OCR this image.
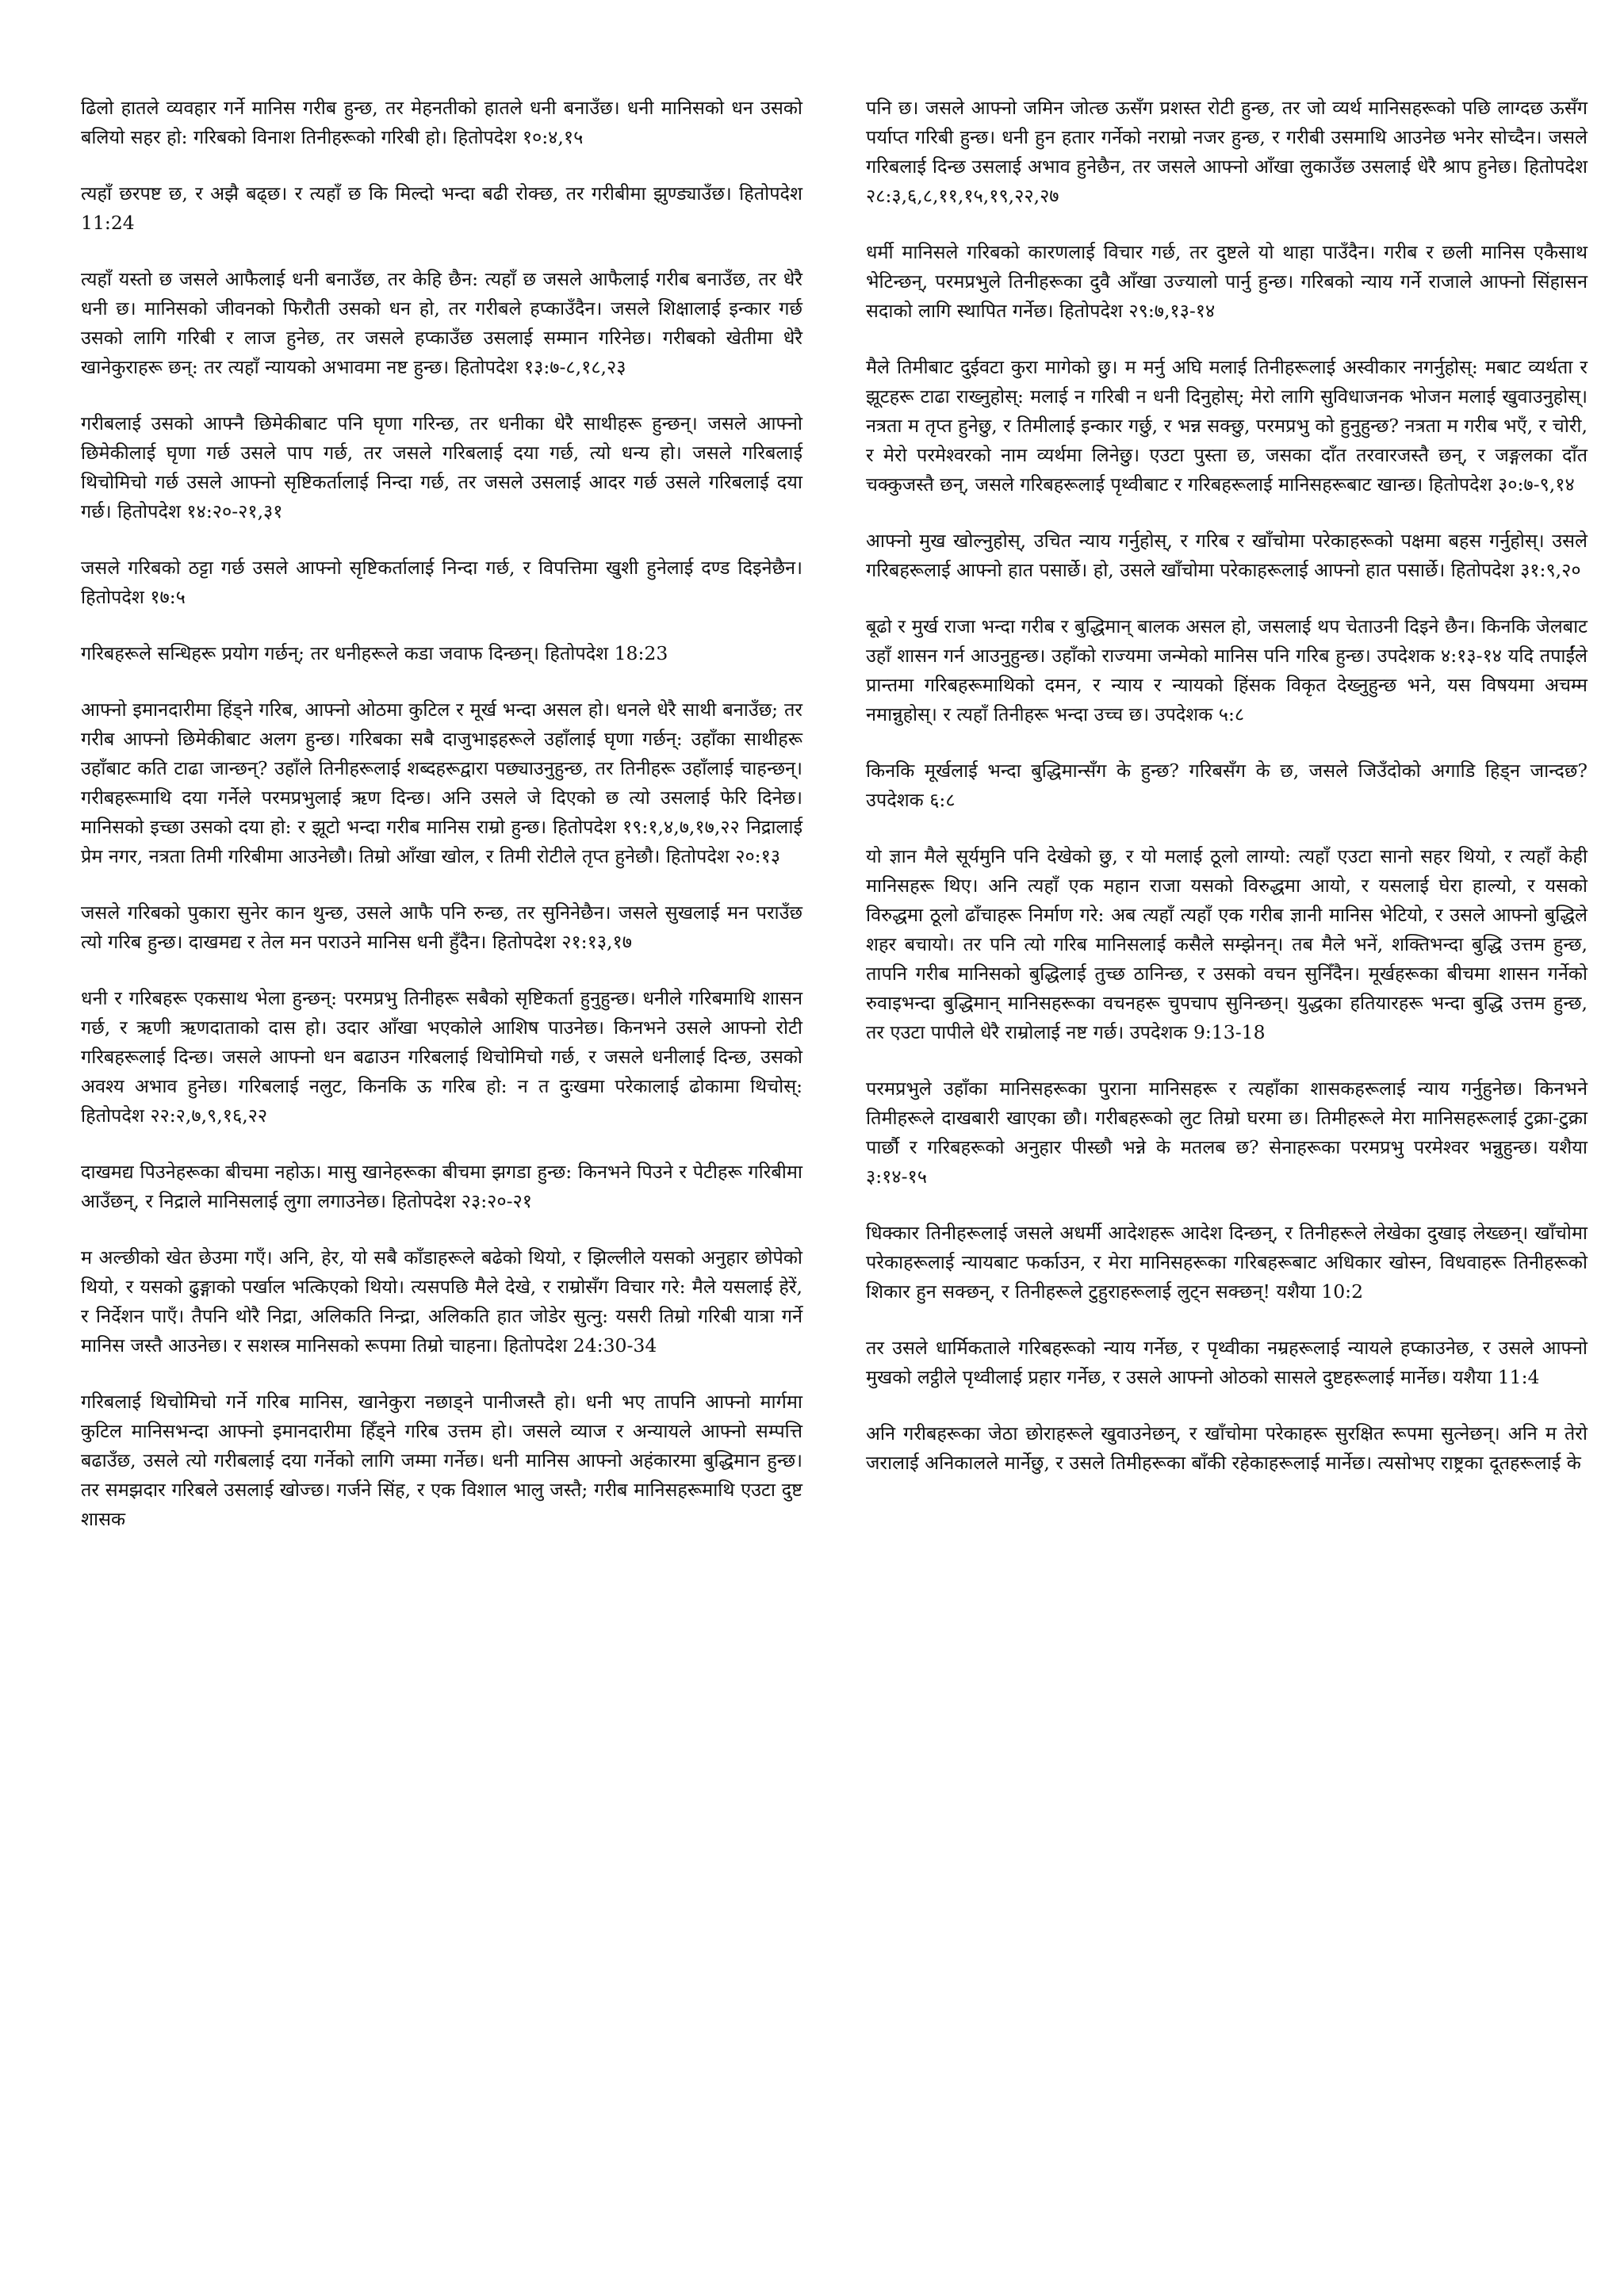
ढिलो हातले व्यवहार गर्ने मानिस गरीब हुन्छ, तर मेहनतीको हातले धनी बनाउँछ। धनी मानिसको धन उसको बलियो सहर हो: गरिबको विनाश तिनीहरूको गरिबी हो। हितोपदेश १०:४,१५

त्यहाँ छरपष्ट छ, र अझै बढ्छ। र त्यहाँ छ कि मिल्दो भन्दा बढी रोक्छ, तर गरीबीमा झुण्ड्याउँछ। हितोपदेश 11:24

त्यहाँ यस्तो छ जसले आफैलाई धनी बनाउँछ, तर केहि छैन: त्यहाँ छ जसले आफैलाई गरीब बनाउँछ, तर धेरै धनी छ। मानिसको जीवनको फिरौती उसको धन हो, तर गरीबले हप्काउँदैन। जसले शिक्षालाई इन्कार गर्छ उसको लागि गरिबी र लाज हुनेछ, तर जसले हप्काउँछ उसलाई सम्मान गरिनेछ। गरीबको खेतीमा धेरै खानेकुराहरू छन्: तर त्यहाँ न्यायको अभावमा नष्ट हुन्छ। हितोपदेश १३:७-८,१८,२३

गरीबलाई उसको आफ्नै छिमेकीबाट पनि घृणा गरिन्छ, तर धनीका धेरै साथीहरू हुन्छन्। जसले आफ्नो छिमेकीलाई घृणा गर्छ उसले पाप गर्छ, तर जसले गरिबलाई दया गर्छ, त्यो धन्य हो। जसले गरिबलाई थिचोमिचो गर्छ उसले आफ्नो सृष्टिकर्तालाई निन्दा गर्छ, तर जसले उसलाई आदर गर्छ उसले गरिबलाई दया गर्छ। हितोपदेश १४:२०-२१,३१

जसले गरिबको ठट्टा गर्छ उसले आफ्नो सृष्टिकर्तालाई निन्दा गर्छ, र विपत्तिमा खुशी हुनेलाई दण्ड दिइनेछैन। हितोपदेश १७:५

गरिबहरूले सन्धिहरू प्रयोग गर्छन्; तर धनीहरूले कडा जवाफ दिन्छन्। हितोपदेश 18:23

आफ्नो इमानदारीमा हिंड्ने गरिब, आफ्नो ओठमा कुटिल र मूर्ख भन्दा असल हो। धनले धेरै साथी बनाउँछ; तर गरीब आफ्नो छिमेकीबाट अलग हुन्छ। गरिबका सबै दाजुभाइहरूले उहाँलाई घृणा गर्छन्: उहाँका साथीहरू उहाँबाट कति टाढा जान्छन्? उहाँले तिनीहरूलाई शब्दहरूद्वारा पछ्याउनुहुन्छ, तर तिनीहरू उहाँलाई चाहन्छन्। गरीबहरूमाथि दया गर्नेले परमप्रभुलाई ऋण दिन्छ। अनि उसले जे दिएको छ त्यो उसलाई फेरि दिनेछ। मानिसको इच्छा उसको दया हो: र झूटो भन्दा गरीब मानिस राम्रो हुन्छ। हितोपदेश १९:१,४,७,१७,२२ निद्रालाई प्रेम नगर, नत्रता तिमी गरिबीमा आउनेछौ। तिम्रो आँखा खोल, र तिमी रोटीले तृप्त हुनेछौ। हितोपदेश २०:१३

जसले गरिबको पुकारा सुनेर कान थुन्छ, उसले आफै पनि रुन्छ, तर सुनिनेछैन। जसले सुखलाई मन पराउँछ त्यो गरिब हुन्छ। दाखमद्य र तेल मन पराउने मानिस धनी हुँदैन। हितोपदेश २१:१३,१७

धनी र गरिबहरू एकसाथ भेला हुन्छन्: परमप्रभु तिनीहरू सबैको सृष्टिकर्ता हुनुहुन्छ। धनीले गरिबमाथि शासन गर्छ, र ऋणी ऋणदाताको दास हो। उदार आँखा भएकोले आशिष पाउनेछ। किनभने उसले आफ्नो रोटी गरिबहरूलाई दिन्छ। जसले आफ्नो धन बढाउन गरिबलाई थिचोमिचो गर्छ, र जसले धनीलाई दिन्छ, उसको अवश्य अभाव हुनेछ। गरिबलाई नलुट, किनकि ऊ गरिब हो: न त दुःखमा परेकालाई ढोकामा थिचोस्: हितोपदेश २२:२,७,९,१६,२२

दाखमद्य पिउनेहरूका बीचमा नहोऊ। मासु खानेहरूका बीचमा झगडा हुन्छ: किनभने पिउने र पेटीहरू गरिबीमा आउँछन्, र निद्राले मानिसलाई लुगा लगाउनेछ। हितोपदेश २३:२०-२१

म अल्छीको खेत छेउमा गएँ। अनि, हेर, यो सबै काँडाहरूले बढेको थियो, र झिल्लीले यसको अनुहार छोपेको थियो, र यसको ढुङ्गाको पर्खाल भत्किएको थियो। त्यसपछि मैले देखे, र राम्रोसँग विचार गरे: मैले यसलाई हेरें, र निर्देशन पाएँ। तैपनि थोरै निद्रा, अलिकति निन्द्रा, अलिकति हात जोडेर सुत्नु: यसरी तिम्रो गरिबी यात्रा गर्ने मानिस जस्तै आउनेछ। र सशस्त्र मानिसको रूपमा तिम्रो चाहना। हितोपदेश 24:30-34

गरिबलाई थिचोमिचो गर्ने गरिब मानिस, खानेकुरा नछाड्ने पानीजस्तै हो। धनी भए तापनि आफ्नो मार्गमा कुटिल मानिसभन्दा आफ्नो इमानदारीमा हिँड्ने गरिब उत्तम हो। जसले व्याज र अन्यायले आफ्नो सम्पत्ति बढाउँछ, उसले त्यो गरीबलाई दया गर्नेको लागि जम्मा गर्नेछ। धनी मानिस आफ्नो अहंकारमा बुद्धिमान हुन्छ। तर समझदार गरिबले उसलाई खोज्छ। गर्जने सिंह, र एक विशाल भालु जस्तै; गरीब मानिसहरूमाथि एउटा दुष्ट शासक

पनि छ। जसले आफ्नो जमिन जोत्छ ऊसँग प्रशस्त रोटी हुन्छ, तर जो व्यर्थ मानिसहरूको पछि लाग्दछ ऊसँग पर्याप्त गरिबी हुन्छ। धनी हुन हतार गर्नेको नराम्रो नजर हुन्छ, र गरीबी उसमाथि आउनेछ भनेर सोच्दैन। जसले गरिबलाई दिन्छ उसलाई अभाव हुनेछैन, तर जसले आफ्नो आँखा लुकाउँछ उसलाई धेरै श्राप हुनेछ। हितोपदेश २८:३,६,८,११,१५,१९,२२,२७

धर्मी मानिसले गरिबको कारणलाई विचार गर्छ, तर दुष्टले यो थाहा पाउँदैन। गरीब र छली मानिस एकैसाथ भेटिन्छन्, परमप्रभुले तिनीहरूका दुवै आँखा उज्यालो पार्नु हुन्छ। गरिबको न्याय गर्ने राजाले आफ्नो सिंहासन सदाको लागि स्थापित गर्नेछ। हितोपदेश २९:७,१३-१४

मैले तिमीबाट दुईवटा कुरा मागेको छु। म मर्नु अघि मलाई तिनीहरूलाई अस्वीकार नगर्नुहोस्: मबाट व्यर्थता र झूटहरू टाढा राख्नुहोस्: मलाई न गरिबी न धनी दिनुहोस्; मेरो लागि सुविधाजनक भोजन मलाई खुवाउनुहोस्। नत्रता म तृप्त हुनेछु, र तिमीलाई इन्कार गर्छु, र भन्न सक्छु, परमप्रभु को हुनुहुन्छ? नत्रता म गरीब भएँ, र चोरी, र मेरो परमेश्वरको नाम व्यर्थमा लिनेछु। एउटा पुस्ता छ, जसका दाँत तरवारजस्तै छन्, र जङ्गलका दाँत चक्कुजस्तै छन्, जसले गरिबहरूलाई पृथ्वीबाट र गरिबहरूलाई मानिसहरूबाट खान्छ। हितोपदेश ३०:७-९,१४

आफ्नो मुख खोल्नुहोस्, उचित न्याय गर्नुहोस्, र गरिब र खाँचोमा परेकाहरूको पक्षमा बहस गर्नुहोस्। उसले गरिबहरूलाई आफ्नो हात पसार्छे। हो, उसले खाँचोमा परेकाहरूलाई आफ्नो हात पसार्छे। हितोपदेश ३१:९,२०

बूढो र मुर्ख राजा भन्दा गरीब र बुद्धिमान् बालक असल हो, जसलाई थप चेताउनी दिइने छैन। किनकि जेलबाट उहाँ शासन गर्न आउनुहुन्छ। उहाँको राज्यमा जन्मेको मानिस पनि गरिब हुन्छ। उपदेशक ४:१३-१४ यदि तपाईंले प्रान्तमा गरिबहरूमाथिको दमन, र न्याय र न्यायको हिंसक विकृत देख्नुहुन्छ भने, यस विषयमा अचम्म नमान्नुहोस्। र त्यहाँ तिनीहरू भन्दा उच्च छ। उपदेशक ५:८

किनकि मूर्खलाई भन्दा बुद्धिमान्सँग के हुन्छ? गरिबसँग के छ, जसले जिउँदोको अगाडि हिड्न जान्दछ? उपदेशक ६:८

यो ज्ञान मैले सूर्यमुनि पनि देखेको छु, र यो मलाई ठूलो लाग्यो: त्यहाँ एउटा सानो सहर थियो, र त्यहाँ केही मानिसहरू थिए। अनि त्यहाँ एक महान राजा यसको विरुद्धमा आयो, र यसलाई घेरा हाल्यो, र यसको विरुद्धमा ठूलो ढाँचाहरू निर्माण गरे: अब त्यहाँ त्यहाँ एक गरीब ज्ञानी मानिस भेटियो, र उसले आफ्नो बुद्धिले शहर बचायो। तर पनि त्यो गरिब मानिसलाई कसैले सम्झेनन्। तब मैले भनें, शक्तिभन्दा बुद्धि उत्तम हुन्छ, तापनि गरीब मानिसको बुद्धिलाई तुच्छ ठानिन्छ, र उसको वचन सुनिँदैन। मूर्खहरूका बीचमा शासन गर्नेको रुवाइभन्दा बुद्धिमान् मानिसहरूका वचनहरू चुपचाप सुनिन्छन्। युद्धका हतियारहरू भन्दा बुद्धि उत्तम हुन्छ, तर एउटा पापीले धेरै राम्रोलाई नष्ट गर्छ। उपदेशक 9:13-18

परमप्रभुले उहाँका मानिसहरूका पुराना मानिसहरू र त्यहाँका शासकहरूलाई न्याय गर्नुहुनेछ। किनभने तिमीहरूले दाखबारी खाएका छौ। गरीबहरूको लुट तिम्रो घरमा छ। तिमीहरूले मेरा मानिसहरूलाई टुक्रा-टुक्रा पार्छौ र गरिबहरूको अनुहार पीस्छौ भन्ने के मतलब छ? सेनाहरूका परमप्रभु परमेश्वर भन्नुहुन्छ। यशैया ३:१४-१५

धिक्कार तिनीहरूलाई जसले अधर्मी आदेशहरू आदेश दिन्छन्, र तिनीहरूले लेखेका दुखाइ लेख्छन्। खाँचोमा परेकाहरूलाई न्यायबाट फर्काउन, र मेरा मानिसहरूका गरिबहरूबाट अधिकार खोस्न, विधवाहरू तिनीहरूको शिकार हुन सक्छन्, र तिनीहरूले टुहुराहरूलाई लुट्न सक्छन्! यशैया 10:2

तर उसले धार्मिकताले गरिबहरूको न्याय गर्नेछ, र पृथ्वीका नम्रहरूलाई न्यायले हप्काउनेछ, र उसले आफ्नो मुखको लट्ठीले पृथ्वीलाई प्रहार गर्नेछ, र उसले आफ्नो ओठको सासले दुष्टहरूलाई मार्नेछ। यशैया 11:4

अनि गरीबहरूका जेठा छोराहरूले खुवाउनेछन्, र खाँचोमा परेकाहरू सुरक्षित रूपमा सुत्नेछन्। अनि म तेरो जरालाई अनिकालले मार्नेछु, र उसले तिमीहरूका बाँकी रहेकाहरूलाई मार्नेछ। त्यसोभए राष्ट्रका दूतहरूलाई के
